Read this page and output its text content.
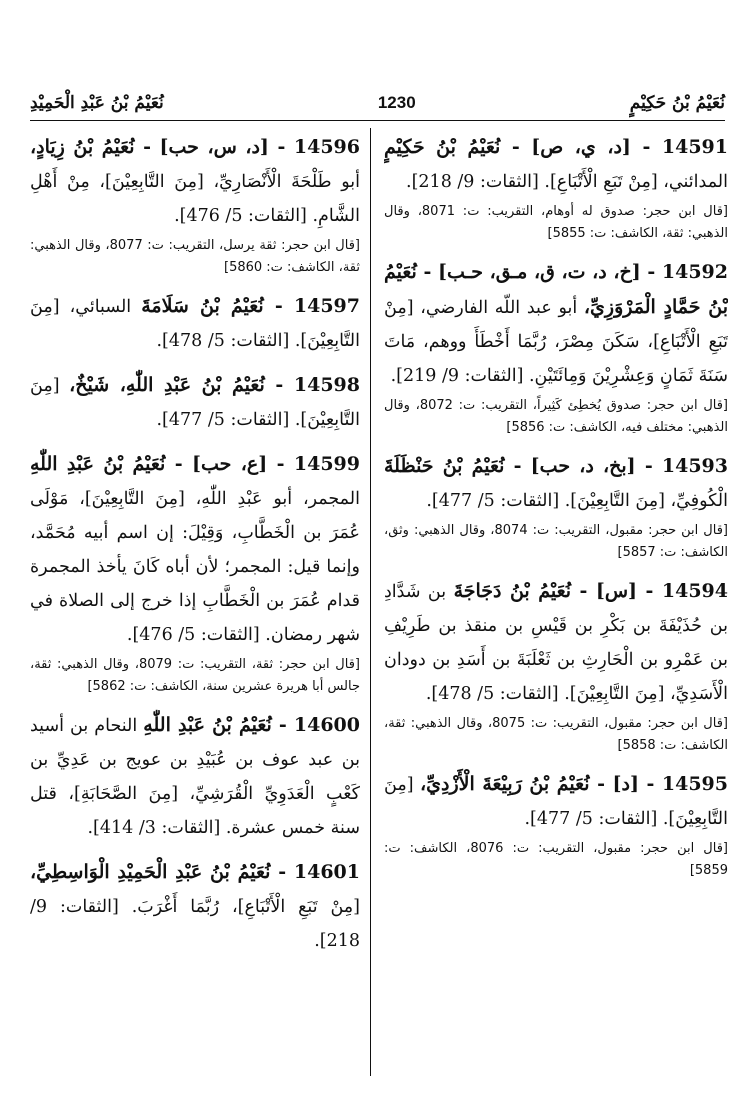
نُعَيْمُ بْنُ عَبْدِ الْحَمِيْدِ	1230	نُعَيْمُ بْنُ حَكِيْمٍ

14591 - [د، ي، ص] - نُعَيْمُ بْنُ حَكِيْمٍ المدائني، [مِنْ تَبَعِ الْأَتْبَاعِ]. [الثقات: 9/ 218].

[قال ابن حجر: صدوق له أوهام، التقريب: ت: 8071، وقال الذهبي: ثقة، الكاشف: ت: 5855]

14592 - [خ، د، ت، ق، مـق، حـب] - نُعَيْمُ بْنُ حَمَّادٍ الْمَرْوَزِيِّ، أبو عبد اللّه الفارضي، [مِنْ تَبَعِ الْأَتْبَاعِ]، سَكَنَ مِصْرَ، رُبَّمَا أَخْطَأَ ووهم، مَاتَ سَنَةَ ثَمَانٍ وَعِشْرِيْنَ وَمِائَتَيْنِ. [الثقات: 9/ 219].

[قال ابن حجر: صدوق يُخطِئ كَثِيراً، التقريب: ت: 8072، وقال الذهبي: مختلف فيه، الكاشف: ت: 5856]

14593 - [بخ، د، حب] - نُعَيْمُ بْنُ حَنْظَلَةَ الْكُوفِيِّ، [مِنَ التَّابِعِيْنَ]. [الثقات: 5/ 477].

[قال ابن حجر: مقبول، التقريب: ت: 8074، وقال الذهبي: وثق، الكاشف: ت: 5857]

14594 - [س] - نُعَيْمُ بْنُ دَجَاجَةَ بن شَدَّادِ بن حُذَيْفَةَ بن بَكْرِ بن قَيْسِ بن منقذ بن طَرِيْفِ بن عَمْرِو بن الْحَارِثِ بن ثَعْلَبَةَ بن أَسَدِ بن دودان الْأَسَدِيِّ، [مِنَ التَّابِعِيْنَ]. [الثقات: 5/ 478].

[قال ابن حجر: مقبول، التقريب: ت: 8075، وقال الذهبي: ثقة، الكاشف: ت: 5858]

14595 - [د] - نُعَيْمُ بْنُ رَبِيْعَةَ الْأَزْدِيِّ، [مِنَ التَّابِعِيْنَ]. [الثقات: 5/ 477].

[قال ابن حجر: مقبول، التقريب: ت: 8076، الكاشف: ت: 5859]

14596 - [د، س، حب] - نُعَيْمُ بْنُ زِيَادٍ، أبو طَلْحَةَ الْأَنْصَارِيِّ، [مِنَ التَّابِعِيْنَ]، مِنْ أَهْلِ الشَّامِ. [الثقات: 5/ 476].

[قال ابن حجر: ثقة يرسل، التقريب: ت: 8077، وقال الذهبي: ثقة، الكاشف: ت: 5860]

14597 - نُعَيْمُ بْنُ سَلَامَةَ السبائي، [مِنَ التَّابِعِيْنَ]. [الثقات: 5/ 478].

14598 - نُعَيْمُ بْنُ عَبْدِ اللّٰهِ، شَيْخٌ، [مِنَ التَّابِعِيْنَ]. [الثقات: 5/ 477].

14599 - [ع، حب] - نُعَيْمُ بْنُ عَبْدِ اللّٰهِ المجمر، أبو عَبْدِ اللّٰهِ، [مِنَ التَّابِعِيْنَ]، مَوْلَى عُمَرَ بن الْخَطَّابِ، وَقِيْلَ: إن اسم أبيه مُحَمَّد، وإنما قيل: المجمر؛ لأن أباه كَانَ يأخذ المجمرة قدام عُمَرَ بن الْخَطَّابِ إذا خرج إلى الصلاة في شهر رمضان. [الثقات: 5/ 476].

[قال ابن حجر: ثقة، التقريب: ت: 8079، وقال الذهبي: ثقة، جالس أبا هريرة عشرين سنة، الكاشف: ت: 5862]

14600 - نُعَيْمُ بْنُ عَبْدِ اللّٰهِ النحام بن أسيد بن عبد عوف بن عُبَيْدِ بن عويج بن عَدِيِّ بن كَعْبٍ الْعَدَوِيِّ الْقُرَشِيِّ، [مِنَ الصَّحَابَةِ]، قتل سنة خمس عشرة. [الثقات: 3/ 414].

14601 - نُعَيْمُ بْنُ عَبْدِ الْحَمِيْدِ الْوَاسِطِيِّ، [مِنْ تَبَعِ الْأَتْبَاعِ]، رُبَّمَا أَغْرَبَ. [الثقات: 9/ 218].
